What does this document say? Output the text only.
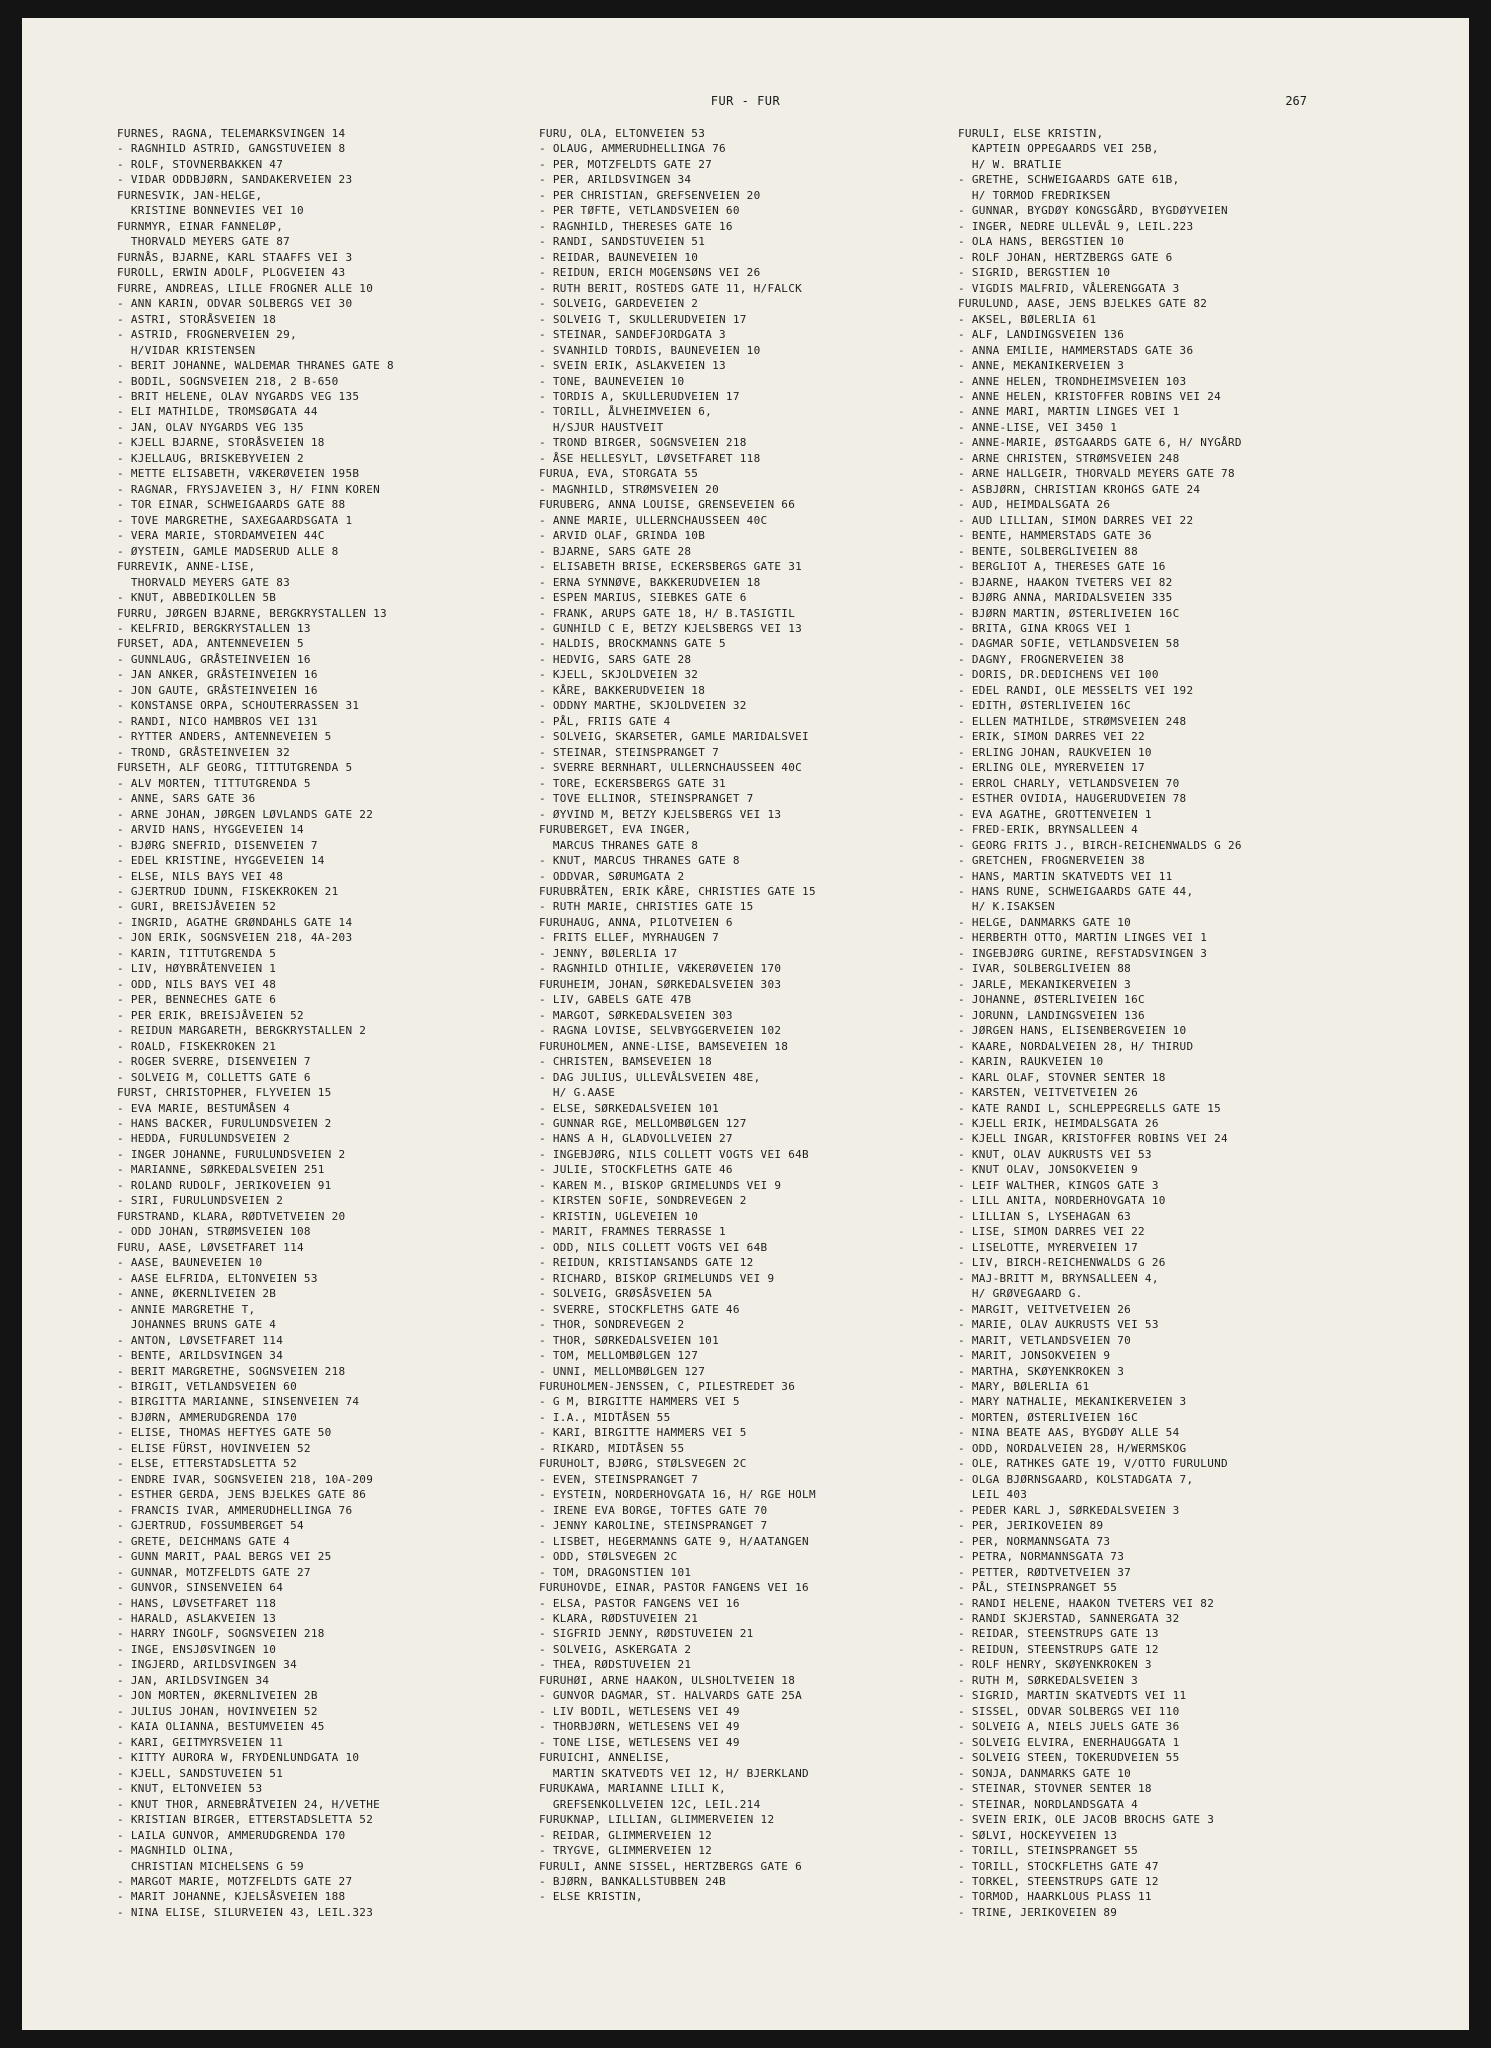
FUR - FUR	267
FURNES, RAGNA, TELEMARKSVINGEN 14
- RAGNHILD ASTRID, GANGSTUVEIEN 8
- ROLF, STOVNERBAKKEN 47
- VIDAR ODDBJØRN, SANDAKERVEIEN 23
FURNESVIK, JAN-HELGE,
KRISTINE BONNEVIES VEI 10
FURNMYR, EINAR FANNELØP,
THORVALD MEYERS GATE 87
FURNÅS, BJARNE, KARL STAAFFS VEI 3
FUROLL, ERWIN ADOLF, PLOGVEIEN 43
FURRE, ANDREAS, LILLE FROGNER ALLE 10
- ANN KARIN, ODVAR SOLBERGS VEI 30
- ASTRI, STORÅSVEIEN 18
- ASTRID, FROGNERVEIEN 29,
H/VIDAR KRISTENSEN
- BERIT JOHANNE, WALDEMAR THRANES GATE 8
- BODIL, SOGNSVEIEN 218, 2 B-650
- BRIT HELENE, OLAV NYGARDS VEG 135
- ELI MATHILDE, TROMSØGATA 44
- JAN, OLAV NYGARDS VEG 135
- KJELL BJARNE, STORÅSVEIEN 18
- KJELLAUG, BRISKEBYVEIEN 2
- METTE ELISABETH, VÆKERØVEIEN 195B
- RAGNAR, FRYSJAVEIEN 3, H/ FINN KOREN
- TOR EINAR, SCHWEIGAARDS GATE 88
- TOVE MARGRETHE, SAXEGAARDSGATA 1
- VERA MARIE, STORDAMVEIEN 44C
- ØYSTEIN, GAMLE MADSERUD ALLE 8
FURREVIK, ANNE-LISE,
THORVALD MEYERS GATE 83
- KNUT, ABBEDIKOLLEN 5B
FURRU, JØRGEN BJARNE, BERGKRYSTALLEN 13
- KELFRID, BERGKRYSTALLEN 13
FURSET, ADA, ANTENNEVEIEN 5
- GUNNLAUG, GRÅSTEINVEIEN 16
- JAN ANKER, GRÅSTEINVEIEN 16
- JON GAUTE, GRÅSTEINVEIEN 16
- KONSTANSE ORPA, SCHOUTERRASSEN 31
- RANDI, NICO HAMBROS VEI 131
- RYTTER ANDERS, ANTENNEVEIEN 5
- TROND, GRÅSTEINVEIEN 32
FURSETH, ALF GEORG, TITTUTGRENDA 5
- ALV MORTEN, TITTUTGRENDA 5
- ANNE, SARS GATE 36
- ARNE JOHAN, JØRGEN LØVLANDS GATE 22
- ARVID HANS, HYGGEVEIEN 14
- BJØRG SNEFRID, DISENVEIEN 7
- EDEL KRISTINE, HYGGEVEIEN 14
- ELSE, NILS BAYS VEI 48
- GJERTRUD IDUNN, FISKEKROKEN 21
- GURI, BREISJÅVEIEN 52
- INGRID, AGATHE GRØNDAHLS GATE 14
- JON ERIK, SOGNSVEIEN 218, 4A-203
- KARIN, TITTUTGRENDA 5
- LIV, HØYBRÅTENVEIEN 1
- ODD, NILS BAYS VEI 48
- PER, BENNECHES GATE 6
- PER ERIK, BREISJÅVEIEN 52
- REIDUN MARGARETH, BERGKRYSTALLEN 2
- ROALD, FISKEKROKEN 21
- ROGER SVERRE, DISENVEIEN 7
- SOLVEIG M, COLLETTS GATE 6
FURST, CHRISTOPHER, FLYVEIEN 15
- EVA MARIE, BESTUMÅSEN 4
- HANS BACKER, FURULUNDSVEIEN 2
- HEDDA, FURULUNDSVEIEN 2
- INGER JOHANNE, FURULUNDSVEIEN 2
- MARIANNE, SØRKEDALSVEIEN 251
- ROLAND RUDOLF, JERIKOVEIEN 91
- SIRI, FURULUNDSVEIEN 2
FURSTRAND, KLARA, RØDTVETVEIEN 20
- ODD JOHAN, STRØMSVEIEN 108
FURU, AASE, LØVSETFARET 114
- AASE, BAUNEVEIEN 10
- AASE ELFRIDA, ELTONVEIEN 53
- ANNE, ØKERNLIVEIEN 2B
- ANNIE MARGRETHE T,
JOHANNES BRUNS GATE 4
- ANTON, LØVSETFARET 114
- BENTE, ARILDSVINGEN 34
- BERIT MARGRETHE, SOGNSVEIEN 218
- BIRGIT, VETLANDSVEIEN 60
- BIRGITTA MARIANNE, SINSENVEIEN 74
- BJØRN, AMMERUDGRENDA 170
- ELISE, THOMAS HEFTYES GATE 50
- ELISE FÜRST, HOVINVEIEN 52
- ELSE, ETTERSTADSLETTA 52
- ENDRE IVAR, SOGNSVEIEN 218, 10A-209
- ESTHER GERDA, JENS BJELKES GATE 86
- FRANCIS IVAR, AMMERUDHELLINGA 76
- GJERTRUD, FOSSUMBERGET 54
- GRETE, DEICHMANS GATE 4
- GUNN MARIT, PAAL BERGS VEI 25
- GUNNAR, MOTZFELDTS GATE 27
- GUNVOR, SINSENVEIEN 64
- HANS, LØVSETFARET 118
- HARALD, ASLAKVEIEN 13
- HARRY INGOLF, SOGNSVEIEN 218
- INGE, ENSJØSVINGEN 10
- INGJERD, ARILDSVINGEN 34
- JAN, ARILDSVINGEN 34
- JON MORTEN, ØKERNLIVEIEN 2B
- JULIUS JOHAN, HOVINVEIEN 52
- KAIA OLIANNA, BESTUMVEIEN 45
- KARI, GEITMYRSVEIEN 11
- KITTY AURORA W, FRYDENLUNDGATA 10
- KJELL, SANDSTUVEIEN 51
- KNUT, ELTONVEIEN 53
- KNUT THOR, ARNEBRÅTVEIEN 24, H/VETHE
- KRISTIAN BIRGER, ETTERSTADSLETTA 52
- LAILA GUNVOR, AMMERUDGRENDA 170
- MAGNHILD OLINA,
CHRISTIAN MICHELSENS G 59
- MARGOT MARIE, MOTZFELDTS GATE 27
- MARIT JOHANNE, KJELSÅSVEIEN 188
- NINA ELISE, SILURVEIEN 43, LEIL.323
FURU, OLA, ELTONVEIEN 53
- OLAUG, AMMERUDHELLINGA 76
- PER, MOTZFELDTS GATE 27
- PER, ARILDSVINGEN 34
- PER CHRISTIAN, GREFSENVEIEN 20
- PER TØFTE, VETLANDSVEIEN 60
- RAGNHILD, THERESES GATE 16
- RANDI, SANDSTUVEIEN 51
- REIDAR, BAUNEVEIEN 10
- REIDUN, ERICH MOGENSØNS VEI 26
- RUTH BERIT, ROSTEDS GATE 11, H/FALCK
- SOLVEIG, GARDEVEIEN 2
- SOLVEIG T, SKULLERUDVEIEN 17
- STEINAR, SANDEFJORDGATA 3
- SVANHILD TORDIS, BAUNEVEIEN 10
- SVEIN ERIK, ASLAKVEIEN 13
- TONE, BAUNEVEIEN 10
- TORDIS A, SKULLERUDVEIEN 17
- TORILL, ÅLVHEIMVEIEN 6,
H/SJUR HAUSTVEIT
- TROND BIRGER, SOGNSVEIEN 218
- ÅSE HELLESYLT, LØVSETFARET 118
FURUA, EVA, STORGATA 55
- MAGNHILD, STRØMSVEIEN 20
FURUBERG, ANNA LOUISE, GRENSEVEIEN 66
- ANNE MARIE, ULLERNCHAUSSEEN 40C
- ARVID OLAF, GRINDA 10B
- BJARNE, SARS GATE 28
- ELISABETH BRISE, ECKERSBERGS GATE 31
- ERNA SYNNØVE, BAKKERUDVEIEN 18
- ESPEN MARIUS, SIEBKES GATE 6
- FRANK, ARUPS GATE 18, H/ B.TASIGTIL
- GUNHILD C E, BETZY KJELSBERGS VEI 13
- HALDIS, BROCKMANNS GATE 5
- HEDVIG, SARS GATE 28
- KJELL, SKJOLDVEIEN 32
- KÅRE, BAKKERUDVEIEN 18
- ODDNY MARTHE, SKJOLDVEIEN 32
- PÅL, FRIIS GATE 4
- SOLVEIG, SKARSETER, GAMLE MARIDALSVEI
- STEINAR, STEINSPRANGET 7
- SVERRE BERNHART, ULLERNCHAUSSEEN 40C
- TORE, ECKERSBERGS GATE 31
- TOVE ELLINOR, STEINSPRANGET 7
- ØYVIND M, BETZY KJELSBERGS VEI 13
FURUBERGET, EVA INGER,
MARCUS THRANES GATE 8
- KNUT, MARCUS THRANES GATE 8
- ODDVAR, SØRUMGATA 2
FURUBRÅTEN, ERIK KÅRE, CHRISTIES GATE 15
- RUTH MARIE, CHRISTIES GATE 15
FURUHAUG, ANNA, PILOTVEIEN 6
- FRITS ELLEF, MYRHAUGEN 7
- JENNY, BØLERLIA 17
- RAGNHILD OTHILIE, VÆKERØVEIEN 170
FURUHEIM, JOHAN, SØRKEDALSVEIEN 303
- LIV, GABELS GATE 47B
- MARGOT, SØRKEDALSVEIEN 303
- RAGNA LOVISE, SELVBYGGERVEIEN 102
FURUHOLMEN, ANNE-LISE, BAMSEVEIEN 18
- CHRISTEN, BAMSEVEIEN 18
- DAG JULIUS, ULLEVÅLSVEIEN 48E,
H/ G.AASE
- ELSE, SØRKEDALSVEIEN 101
- GUNNAR RGE, MELLOMBØLGEN 127
- HANS A H, GLADVOLLVEIEN 27
- INGEBJØRG, NILS COLLETT VOGTS VEI 64B
- JULIE, STOCKFLETHS GATE 46
- KAREN M., BISKOP GRIMELUNDS VEI 9
- KIRSTEN SOFIE, SONDREVEGEN 2
- KRISTIN, UGLEVEIEN 10
- MARIT, FRAMNES TERRASSE 1
- ODD, NILS COLLETT VOGTS VEI 64B
- REIDUN, KRISTIANSANDS GATE 12
- RICHARD, BISKOP GRIMELUNDS VEI 9
- SOLVEIG, GRØSÅSVEIEN 5A
- SVERRE, STOCKFLETHS GATE 46
- THOR, SONDREVEGEN 2
- THOR, SØRKEDALSVEIEN 101
- TOM, MELLOMBØLGEN 127
- UNNI, MELLOMBØLGEN 127
FURUHOLMEN-JENSSEN, C, PILESTREDET 36
- G M, BIRGITTE HAMMERS VEI 5
- I.A., MIDTÅSEN 55
- KARI, BIRGITTE HAMMERS VEI 5
- RIKARD, MIDTÅSEN 55
FURUHOLT, BJØRG, STØLSVEGEN 2C
- EVEN, STEINSPRANGET 7
- EYSTEIN, NORDERHOVGATA 16, H/ RGE HOLM
- IRENE EVA BORGE, TOFTES GATE 70
- JENNY KAROLINE, STEINSPRANGET 7
- LISBET, HEGERMANNS GATE 9, H/AATANGEN
- ODD, STØLSVEGEN 2C
- TOM, DRAGONSTIEN 101
FURUHOVDE, EINAR, PASTOR FANGENS VEI 16
- ELSA, PASTOR FANGENS VEI 16
- KLARA, RØDSTUVEIEN 21
- SIGFRID JENNY, RØDSTUVEIEN 21
- SOLVEIG, ASKERGATA 2
- THEA, RØDSTUVEIEN 21
FURUHØI, ARNE HAAKON, ULSHOLTVEIEN 18
- GUNVOR DAGMAR, ST. HALVARDS GATE 25A
- LIV BODIL, WETLESENS VEI 49
- THORBJØRN, WETLESENS VEI 49
- TONE LISE, WETLESENS VEI 49
FURUICHI, ANNELISE,
MARTIN SKATVEDTS VEI 12, H/ BJERKLAND
FURUKAWA, MARIANNE LILLI K,
GREFSENKOLLVEIEN 12C, LEIL.214
FURUKNAP, LILLIAN, GLIMMERVEIEN 12
- REIDAR, GLIMMERVEIEN 12
- TRYGVE, GLIMMERVEIEN 12
FURULI, ANNE SISSEL, HERTZBERGS GATE 6
- BJØRN, BANKALLSTUBBEN 24B
- ELSE KRISTIN,
FURULI, ELSE KRISTIN,
KAPTEIN OPPEGAARDS VEI 25B,
H/ W. BRATLIE
- GRETHE, SCHWEIGAARDS GATE 61B,
H/ TORMOD FREDRIKSEN
- GUNNAR, BYGDØY KONGSGÅRD, BYGDØYVEIEN
- INGER, NEDRE ULLEVÅL 9, LEIL.223
- OLA HANS, BERGSTIEN 10
- ROLF JOHAN, HERTZBERGS GATE 6
- SIGRID, BERGSTIEN 10
- VIGDIS MALFRID, VÅLERENGGATA 3
FURULUND, AASE, JENS BJELKES GATE 82
- AKSEL, BØLERLIA 61
- ALF, LANDINGSVEIEN 136
- ANNA EMILIE, HAMMERSTADS GATE 36
- ANNE, MEKANIKERVEIEN 3
- ANNE HELEN, TRONDHEIMSVEIEN 103
- ANNE HELEN, KRISTOFFER ROBINS VEI 24
- ANNE MARI, MARTIN LINGES VEI 1
- ANNE-LISE, VEI 3450 1
- ANNE-MARIE, ØSTGAARDS GATE 6, H/ NYGÅRD
- ARNE CHRISTEN, STRØMSVEIEN 248
- ARNE HALLGEIR, THORVALD MEYERS GATE 78
- ASBJØRN, CHRISTIAN KROHGS GATE 24
- AUD, HEIMDALSGATA 26
- AUD LILLIAN, SIMON DARRES VEI 22
- BENTE, HAMMERSTADS GATE 36
- BENTE, SOLBERGLIVEIEN 88
- BERGLIOT A, THERESES GATE 16
- BJARNE, HAAKON TVETERS VEI 82
- BJØRG ANNA, MARIDALSVEIEN 335
- BJØRN MARTIN, ØSTERLIVEIEN 16C
- BRITA, GINA KROGS VEI 1
- DAGMAR SOFIE, VETLANDSVEIEN 58
- DAGNY, FROGNERVEIEN 38
- DORIS, DR.DEDICHENS VEI 100
- EDEL RANDI, OLE MESSELTS VEI 192
- EDITH, ØSTERLIVEIEN 16C
- ELLEN MATHILDE, STRØMSVEIEN 248
- ERIK, SIMON DARRES VEI 22
- ERLING JOHAN, RAUKVEIEN 10
- ERLING OLE, MYRERVEIEN 17
- ERROL CHARLY, VETLANDSVEIEN 70
- ESTHER OVIDIA, HAUGERUDVEIEN 78
- EVA AGATHE, GROTTENVEIEN 1
- FRED-ERIK, BRYNSALLEEN 4
- GEORG FRITS J., BIRCH-REICHENWALDS G 26
- GRETCHEN, FROGNERVEIEN 38
- HANS, MARTIN SKATVEDTS VEI 11
- HANS RUNE, SCHWEIGAARDS GATE 44,
H/ K.ISAKSEN
- HELGE, DANMARKS GATE 10
- HERBERTH OTTO, MARTIN LINGES VEI 1
- INGEBJØRG GURINE, REFSTADSVINGEN 3
- IVAR, SOLBERGLIVEIEN 88
- JARLE, MEKANIKERVEIEN 3
- JOHANNE, ØSTERLIVEIEN 16C
- JORUNN, LANDINGSVEIEN 136
- JØRGEN HANS, ELISENBERGVEIEN 10
- KAARE, NORDALVEIEN 28, H/ THIRUD
- KARIN, RAUKVEIEN 10
- KARL OLAF, STOVNER SENTER 18
- KARSTEN, VEITVETVEIEN 26
- KATE RANDI L, SCHLEPPEGRELLS GATE 15
- KJELL ERIK, HEIMDALSGATA 26
- KJELL INGAR, KRISTOFFER ROBINS VEI 24
- KNUT, OLAV AUKRUSTS VEI 53
- KNUT OLAV, JONSOKVEIEN 9
- LEIF WALTHER, KINGOS GATE 3
- LILL ANITA, NORDERHOVGATA 10
- LILLIAN S, LYSEHAGAN 63
- LISE, SIMON DARRES VEI 22
- LISELOTTE, MYRERVEIEN 17
- LIV, BIRCH-REICHENWALDS G 26
- MAJ-BRITT M, BRYNSALLEEN 4,
H/ GRØVEGAARD G.
- MARGIT, VEITVETVEIEN 26
- MARIE, OLAV AUKRUSTS VEI 53
- MARIT, VETLANDSVEIEN 70
- MARIT, JONSOKVEIEN 9
- MARTHA, SKØYENKROKEN 3
- MARY, BØLERLIA 61
- MARY NATHALIE, MEKANIKERVEIEN 3
- MORTEN, ØSTERLIVEIEN 16C
- NINA BEATE AAS, BYGDØY ALLE 54
- ODD, NORDALVEIEN 28, H/WERMSKOG
- OLE, RATHKES GATE 19, V/OTTO FURULUND
- OLGA BJØRNSGAARD, KOLSTADGATA 7,
LEIL 403
- PEDER KARL J, SØRKEDALSVEIEN 3
- PER, JERIKOVEIEN 89
- PER, NORMANNSGATA 73
- PETRA, NORMANNSGATA 73
- PETTER, RØDTVETVEIEN 37
- PÅL, STEINSPRANGET 55
- RANDI HELENE, HAAKON TVETERS VEI 82
- RANDI SKJERSTAD, SANNERGATA 32
- REIDAR, STEENSTRUPS GATE 13
- REIDUN, STEENSTRUPS GATE 12
- ROLF HENRY, SKØYENKROKEN 3
- RUTH M, SØRKEDALSVEIEN 3
- SIGRID, MARTIN SKATVEDTS VEI 11
- SISSEL, ODVAR SOLBERGS VEI 110
- SOLVEIG A, NIELS JUELS GATE 36
- SOLVEIG ELVIRA, ENERHAUGGATA 1
- SOLVEIG STEEN, TOKERUDVEIEN 55
- SONJA, DANMARKS GATE 10
- STEINAR, STOVNER SENTER 18
- STEINAR, NORDLANDSGATA 4
- SVEIN ERIK, OLE JACOB BROCHS GATE 3
- SØLVI, HOCKEYVEIEN 13
- TORILL, STEINSPRANGET 55
- TORILL, STOCKFLETHS GATE 47
- TORKEL, STEENSTRUPS GATE 12
- TORMOD, HAARKLOUS PLASS 11
- TRINE, JERIKOVEIEN 89
